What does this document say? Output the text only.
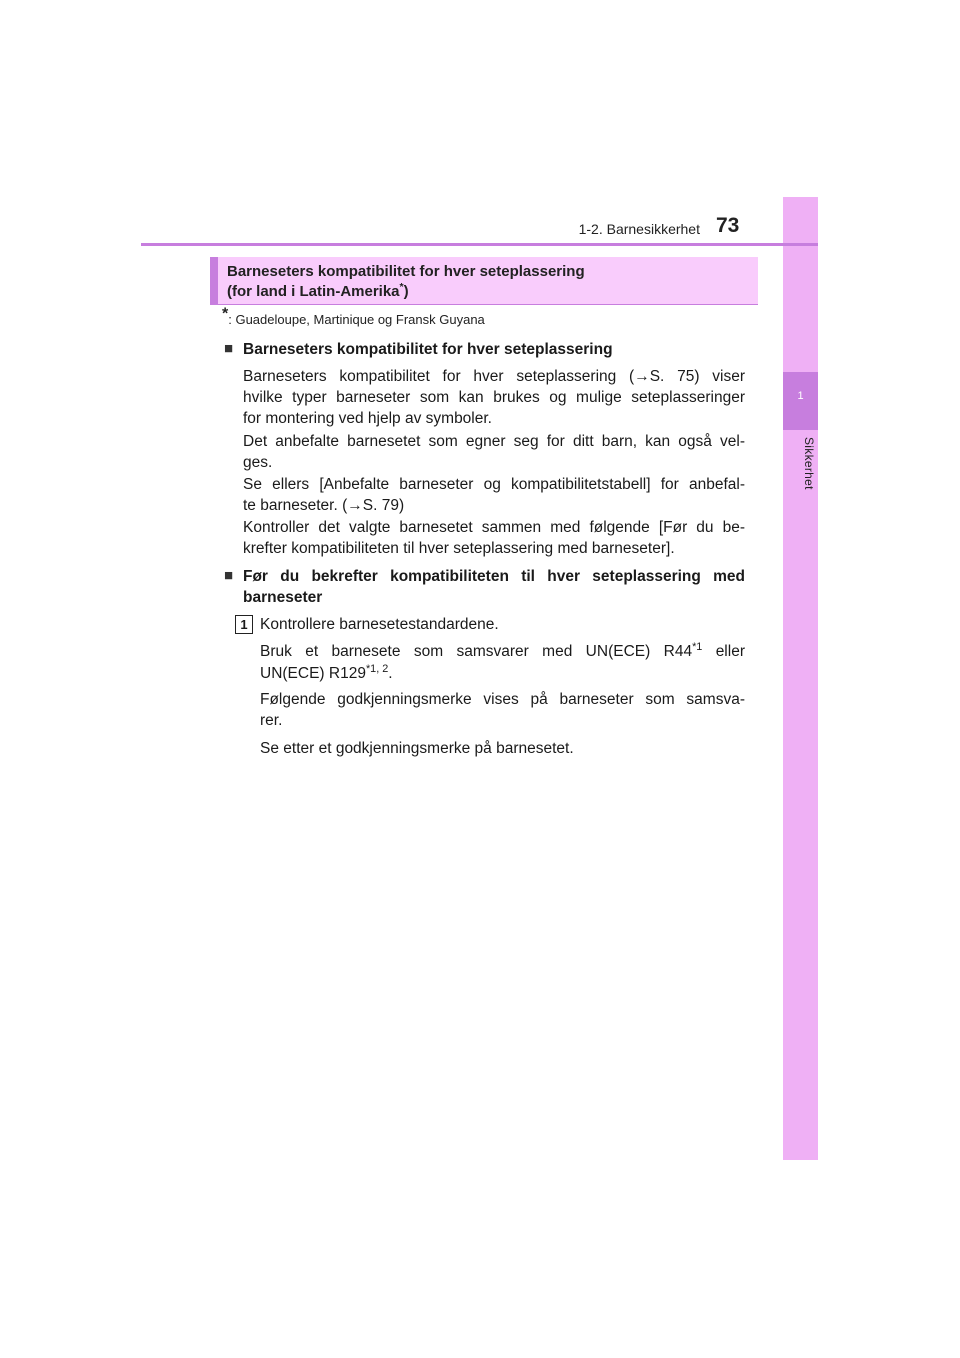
1
Sikkerhet
1-2. Barnesikkerhet 73
Barneseters kompatibilitet for hver seteplassering
(for land i Latin-Amerika*)
*: Guadeloupe, Martinique og Fransk Guyana
■ Barneseters kompatibilitet for hver seteplassering
Barneseters kompatibilitet for hver seteplassering (→S. 75) viser
hvilke typer barneseter som kan brukes og mulige seteplasseringer
for montering ved hjelp av symboler.
Det anbefalte barnesetet som egner seg for ditt barn, kan også vel-
ges.
Se ellers [Anbefalte barneseter og kompatibilitetstabell] for anbefal-
te barneseter. (→S. 79)
Kontroller det valgte barnesetet sammen med følgende [Før du be-
krefter kompatibiliteten til hver seteplassering med barneseter].
■ Før du bekrefter kompatibiliteten til hver seteplassering med
barneseter
1 Kontrollere barnesetestandardene.
Bruk et barnesete som samsvarer med UN(ECE) R44$^{*1}$ eller
UN(ECE) R129$^{*1, 2}$.
Følgende godkjenningsmerke vises på barneseter som samsva-
rer.
Se etter et godkjenningsmerke på barnesetet.
